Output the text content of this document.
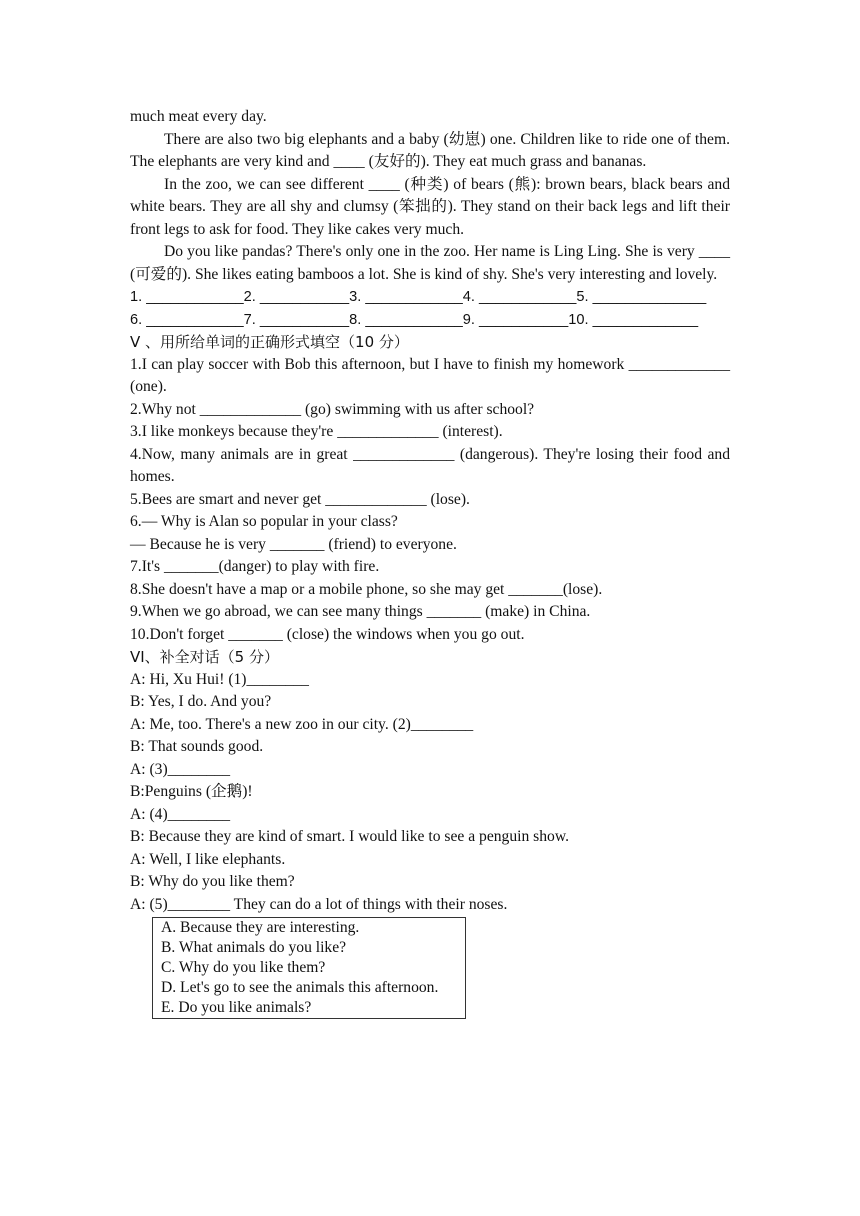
much meat every day.

There are also two big elephants and a baby (幼崽) one. Children like to ride one of them. The elephants are very kind and ____ (友好的). They eat much grass and bananas.

In the zoo, we can see different ____ (种类) of bears (熊): brown bears, black bears and white bears. They are all shy and clumsy (笨拙的). They stand on their back legs and lift their front legs to ask for food. They like cakes very much.

Do you like pandas? There's only one in the zoo. Her name is Ling Ling. She is very ____ (可爱的). She likes eating bamboos a lot. She is kind of shy. She's very interesting and lovely.

1. ____________2. ___________3. ____________4. ____________5. ______________

6. ____________7. ___________8. ____________9. ___________10. _____________

V 、用所给单词的正确形式填空（10 分）

1.I can play soccer with Bob this afternoon, but I have to finish my homework _____________ (one).

2.Why not _____________ (go) swimming with us after school?

3.I like monkeys because they're _____________ (interest).

4.Now, many animals are in great _____________ (dangerous). They're losing their food and homes.

5.Bees are smart and never get _____________ (lose).

6.— Why is Alan so popular in your class?

— Because he is very _______ (friend) to everyone.

7.It's _______(danger) to play with fire.

8.She doesn't have a map or a mobile phone, so she may get _______(lose).

9.When we go abroad, we can see many things _______ (make) in China.

10.Don't forget _______ (close) the windows when you go out.

VI、补全对话（5 分）

A: Hi, Xu Hui! (1)________

B: Yes, I do. And you?

A: Me, too. There's a new zoo in our city. (2)________

B: That sounds good.

A: (3)________

B:Penguins (企鹅)!

A: (4)________

B: Because they are kind of smart. I would like to see a penguin show.

A: Well, I like elephants.

B: Why do you like them?

A: (5)________ They can do a lot of things with their noses.

A. Because they are interesting.

B. What animals do you like?

C. Why do you like them?

D. Let's go to see the animals this afternoon.

E. Do you like animals?
